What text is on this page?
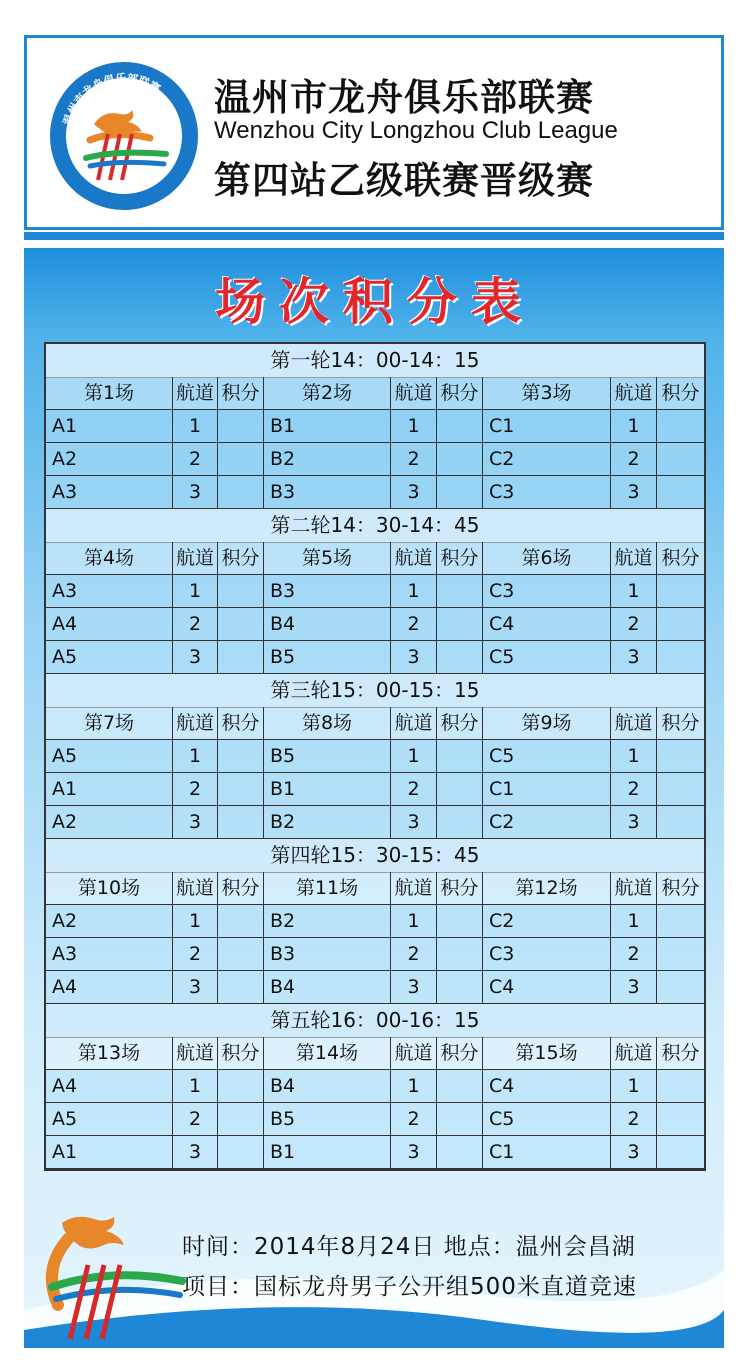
温州市龙舟俱乐部联赛 温州市龙舟俱乐部联赛
Wenzhou City Longzhou Club League
第四站乙级联赛晋级赛
场次积分表
第一轮14：00-14：15
第1场	航道 积分	第2场	航道 积分	第3场	航道 积分
A1	1	B1	1	C1	1
A2	2	B2	2	C2	2
A3	3	B3	3	C3	3
第二轮14：30-14：45
第4场	航道 积分	第5场	航道 积分	第6场	航道 积分
A3	1	B3	1	C3	1
A4	2	B4	2	C4	2
A5	3	B5	3	C5	3
第三轮15：00-15：15
第7场	航道 积分	第8场	航道 积分	第9场	航道 积分
A5	1	B5	1	C5	1
A1	2	B1	2	C1	2
A2	3	B2	3	C2	3
第四轮15：30-15：45
第10场	航道 积分	第11场	航道 积分	第12场	航道 积分
A2	1	B2	1	C2	1
A3	2	B3	2	C3	2
A4	3	B4	3	C4	3
第五轮16：00-16：15
第13场	航道 积分	第14场	航道 积分	第15场	航道 积分
A4	1	B4	1	C4	1
A5	2	B5	2	C5	2
A1	3	B1	3	C1	3
时间：2014年8月24日 地点：温州会昌湖
项目：国标龙舟男子公开组500米直道竞速
